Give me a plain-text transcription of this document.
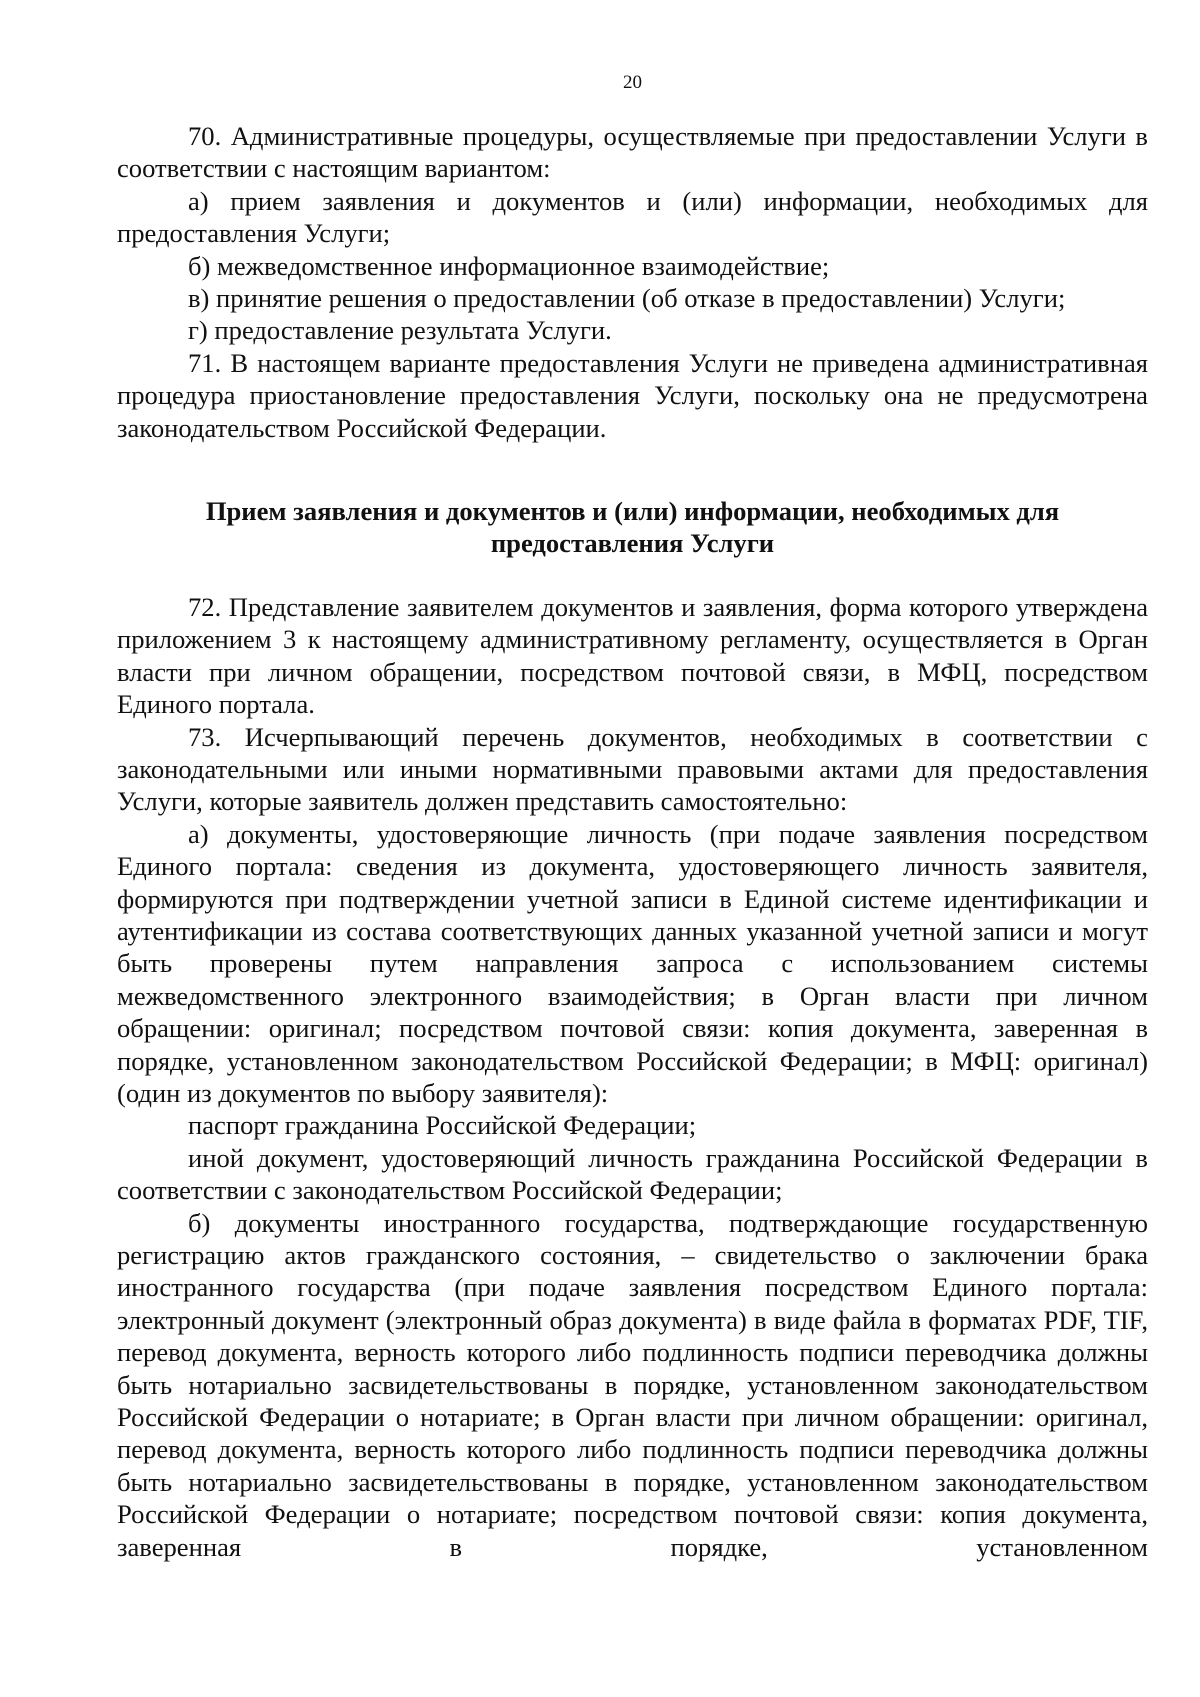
20

70. Административные процедуры, осуществляемые при предоставлении Услуги в соответствии с настоящим вариантом:

а) прием заявления и документов и (или) информации, необходимых для предоставления Услуги;

б) межведомственное информационное взаимодействие;

в) принятие решения о предоставлении (об отказе в предоставлении) Услуги;

г) предоставление результата Услуги.

71. В настоящем варианте предоставления Услуги не приведена административная процедура приостановление предоставления Услуги, поскольку она не предусмотрена законодательством Российской Федерации.

Прием заявления и документов и (или) информации, необходимых для
предоставления Услуги

72. Представление заявителем документов и заявления, форма которого утверждена приложением 3 к настоящему административному регламенту, осуществляется в Орган власти при личном обращении, посредством почтовой связи, в МФЦ, посредством Единого портала.

73. Исчерпывающий перечень документов, необходимых в соответствии с законодательными или иными нормативными правовыми актами для предоставления Услуги, которые заявитель должен представить самостоятельно:

а) документы, удостоверяющие личность (при подаче заявления посредством Единого портала: сведения из документа, удостоверяющего личность заявителя, формируются при подтверждении учетной записи в Единой системе идентификации и аутентификации из состава соответствующих данных указанной учетной записи и могут быть проверены путем направления запроса с использованием системы межведомственного электронного взаимодействия; в Орган власти при личном обращении: оригинал; посредством почтовой связи: копия документа, заверенная в порядке, установленном законодательством Российской Федерации; в МФЦ: оригинал) (один из документов по выбору заявителя):

паспорт гражданина Российской Федерации;

иной документ, удостоверяющий личность гражданина Российской Федерации в соответствии с законодательством Российской Федерации;

б) документы иностранного государства, подтверждающие государственную регистрацию актов гражданского состояния, – свидетельство о заключении брака иностранного государства (при подаче заявления посредством Единого портала: электронный документ (электронный образ документа) в виде файла в форматах PDF, TIF, перевод документа, верность которого либо подлинность подписи переводчика должны быть нотариально засвидетельствованы в порядке, установленном законодательством Российской Федерации о нотариате; в Орган власти при личном обращении: оригинал, перевод документа, верность которого либо подлинность подписи переводчика должны быть нотариально засвидетельствованы в порядке, установленном законодательством Российской Федерации о нотариате; посредством почтовой связи: копия документа, заверенная в порядке, установленном
